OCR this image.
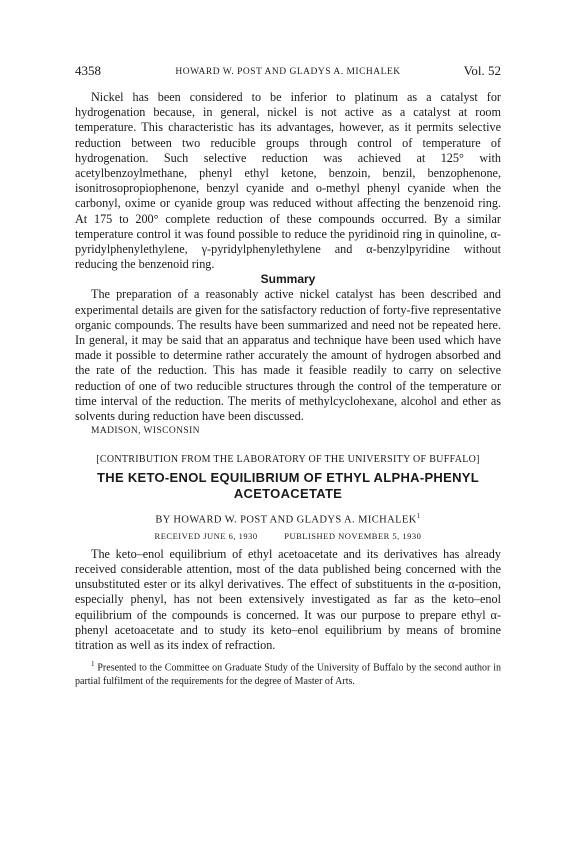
4358	HOWARD W. POST AND GLADYS A. MICHALEK	Vol. 52

Nickel has been considered to be inferior to platinum as a catalyst for hydrogenation because, in general, nickel is not active as a catalyst at room temperature. This characteristic has its advantages, however, as it permits selective reduction between two reducible groups through control of temperature of hydrogenation. Such selective reduction was achieved at 125° with acetylbenzoylmethane, phenyl ethyl ketone, benzoin, benzil, benzophenone, isonitrosopropiophenone, benzyl cyanide and o-methyl phenyl cyanide when the carbonyl, oxime or cyanide group was reduced without affecting the benzenoid ring. At 175 to 200° complete reduction of these compounds occurred. By a similar temperature control it was found possible to reduce the pyridinoid ring in quinoline, α-pyridylphenylethylene, γ-pyridylphenylethylene and α-benzylpyridine without reducing the benzenoid ring.

Summary

The preparation of a reasonably active nickel catalyst has been described and experimental details are given for the satisfactory reduction of forty-five representative organic compounds. The results have been summarized and need not be repeated here. In general, it may be said that an apparatus and technique have been used which have made it possible to determine rather accurately the amount of hydrogen absorbed and the rate of the reduction. This has made it feasible readily to carry on selective reduction of one of two reducible structures through the control of the temperature or time interval of the reduction. The merits of methylcyclohexane, alcohol and ether as solvents during reduction have been discussed.

MADISON, WISCONSIN

[CONTRIBUTION FROM THE LABORATORY OF THE UNIVERSITY OF BUFFALO]

THE KETO-ENOL EQUILIBRIUM OF ETHYL ALPHA-PHENYL
ACETOACETATE

BY HOWARD W. POST AND GLADYS A. MICHALEK$^1$

RECEIVED JUNE 6, 1930	PUBLISHED NOVEMBER 5, 1930

The keto–enol equilibrium of ethyl acetoacetate and its derivatives has already received considerable attention, most of the data published being concerned with the unsubstituted ester or its alkyl derivatives. The effect of substituents in the α-position, especially phenyl, has not been extensively investigated as far as the keto–enol equilibrium of the compounds is concerned. It was our purpose to prepare ethyl α-phenyl acetoacetate and to study its keto–enol equilibrium by means of bromine titration as well as its index of refraction.

$^1$ Presented to the Committee on Graduate Study of the University of Buffalo by the second author in partial fulfilment of the requirements for the degree of Master of Arts.
